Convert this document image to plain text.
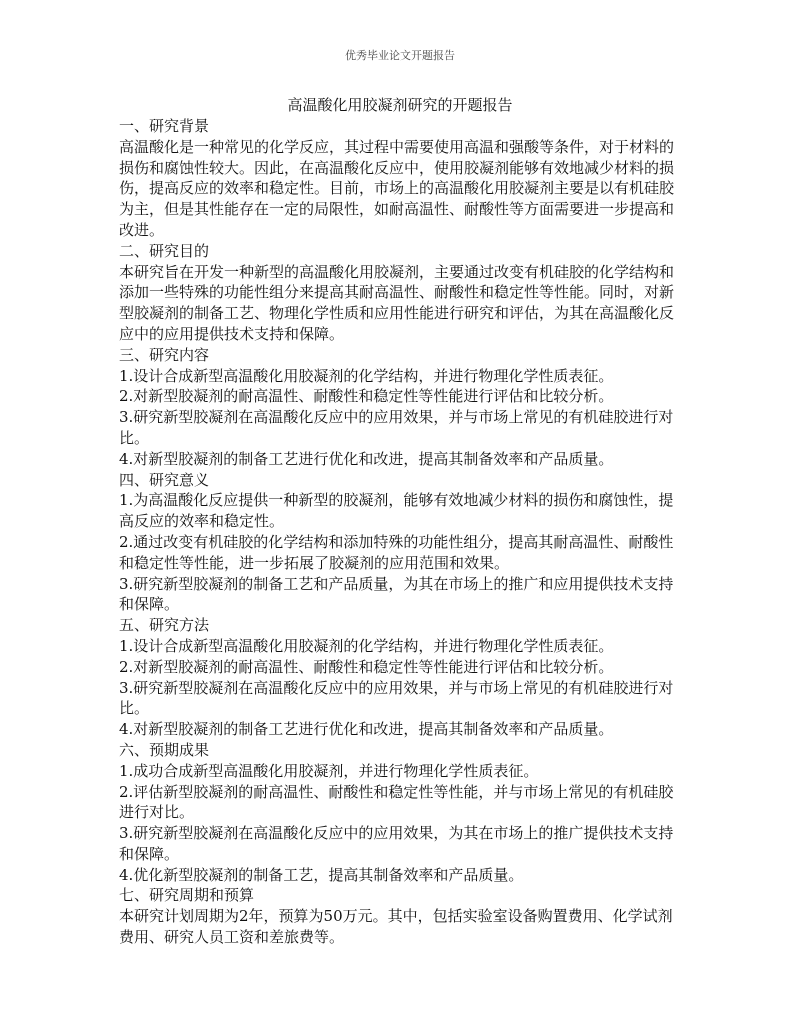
优秀毕业论文开题报告
高温酸化用胶凝剂研究的开题报告

一、研究背景

高温酸化是一种常见的化学反应，其过程中需要使用高温和强酸等条件，对于材料的损伤和腐蚀性较大。因此，在高温酸化反应中，使用胶凝剂能够有效地减少材料的损伤，提高反应的效率和稳定性。目前，市场上的高温酸化用胶凝剂主要是以有机硅胶为主，但是其性能存在一定的局限性，如耐高温性、耐酸性等方面需要进一步提高和改进。

二、研究目的

本研究旨在开发一种新型的高温酸化用胶凝剂，主要通过改变有机硅胶的化学结构和添加一些特殊的功能性组分来提高其耐高温性、耐酸性和稳定性等性能。同时，对新型胶凝剂的制备工艺、物理化学性质和应用性能进行研究和评估，为其在高温酸化反应中的应用提供技术支持和保障。

三、研究内容

1.设计合成新型高温酸化用胶凝剂的化学结构，并进行物理化学性质表征。

2.对新型胶凝剂的耐高温性、耐酸性和稳定性等性能进行评估和比较分析。

3.研究新型胶凝剂在高温酸化反应中的应用效果，并与市场上常见的有机硅胶进行对比。

4.对新型胶凝剂的制备工艺进行优化和改进，提高其制备效率和产品质量。

四、研究意义

1.为高温酸化反应提供一种新型的胶凝剂，能够有效地减少材料的损伤和腐蚀性，提高反应的效率和稳定性。

2.通过改变有机硅胶的化学结构和添加特殊的功能性组分，提高其耐高温性、耐酸性和稳定性等性能，进一步拓展了胶凝剂的应用范围和效果。

3.研究新型胶凝剂的制备工艺和产品质量，为其在市场上的推广和应用提供技术支持和保障。

五、研究方法

1.设计合成新型高温酸化用胶凝剂的化学结构，并进行物理化学性质表征。

2.对新型胶凝剂的耐高温性、耐酸性和稳定性等性能进行评估和比较分析。

3.研究新型胶凝剂在高温酸化反应中的应用效果，并与市场上常见的有机硅胶进行对比。

4.对新型胶凝剂的制备工艺进行优化和改进，提高其制备效率和产品质量。

六、预期成果

1.成功合成新型高温酸化用胶凝剂，并进行物理化学性质表征。

2.评估新型胶凝剂的耐高温性、耐酸性和稳定性等性能，并与市场上常见的有机硅胶进行对比。

3.研究新型胶凝剂在高温酸化反应中的应用效果，为其在市场上的推广提供技术支持和保障。

4.优化新型胶凝剂的制备工艺，提高其制备效率和产品质量。

七、研究周期和预算

本研究计划周期为2年，预算为50万元。其中，包括实验室设备购置费用、化学试剂费用、研究人员工资和差旅费等。
